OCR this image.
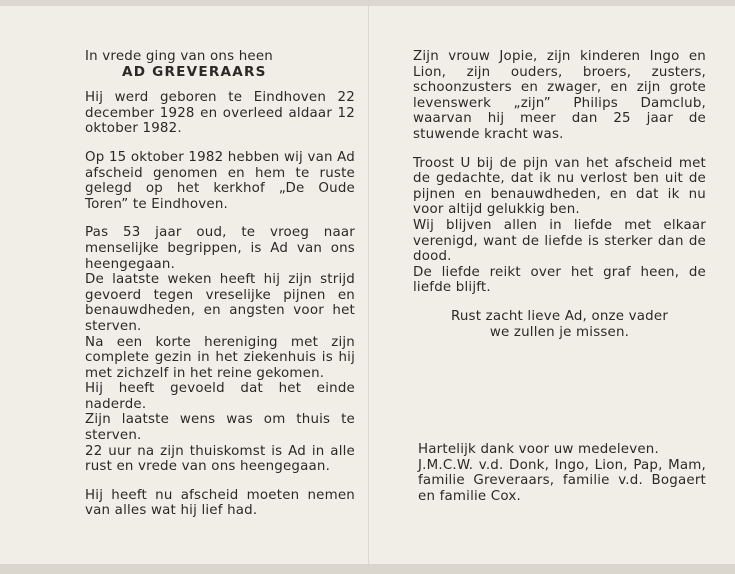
In vrede ging van ons heen

AD GREVERAARS

Hij werd geboren te Eindhoven 22 december 1928 en overleed aldaar 12 oktober 1982.

Op 15 oktober 1982 hebben wij van Ad afscheid genomen en hem te ruste gelegd op het kerkhof „De Oude Toren” te Eindhoven.

Pas 53 jaar oud, te vroeg naar menselijke begrippen, is Ad van ons heengegaan.

De laatste weken heeft hij zijn strijd gevoerd tegen vreselijke pijnen en benauwdheden, en angsten voor het sterven.

Na een korte hereniging met zijn complete gezin in het ziekenhuis is hij met zichzelf in het reine gekomen.

Hij heeft gevoeld dat het einde naderde.

Zijn laatste wens was om thuis te sterven.

22 uur na zijn thuiskomst is Ad in alle rust en vrede van ons heengegaan.

Hij heeft nu afscheid moeten nemen van alles wat hij lief had.

Zijn vrouw Jopie, zijn kinderen Ingo en Lion, zijn ouders, broers, zusters, schoonzusters en zwager, en zijn grote levenswerk „zijn” Philips Damclub, waarvan hij meer dan 25 jaar de stuwende kracht was.

Troost U bij de pijn van het afscheid met de gedachte, dat ik nu verlost ben uit de pijnen en benauwdheden, en dat ik nu voor altijd gelukkig ben.

Wij blijven allen in liefde met elkaar verenigd, want de liefde is sterker dan de dood.

De liefde reikt over het graf heen, de liefde blijft.

Rust zacht lieve Ad, onze vader

we zullen je missen.

Hartelijk dank voor uw medeleven.

J.M.C.W. v.d. Donk, Ingo, Lion, Pap, Mam, familie Greveraars, familie v.d. Bogaert en familie Cox.
